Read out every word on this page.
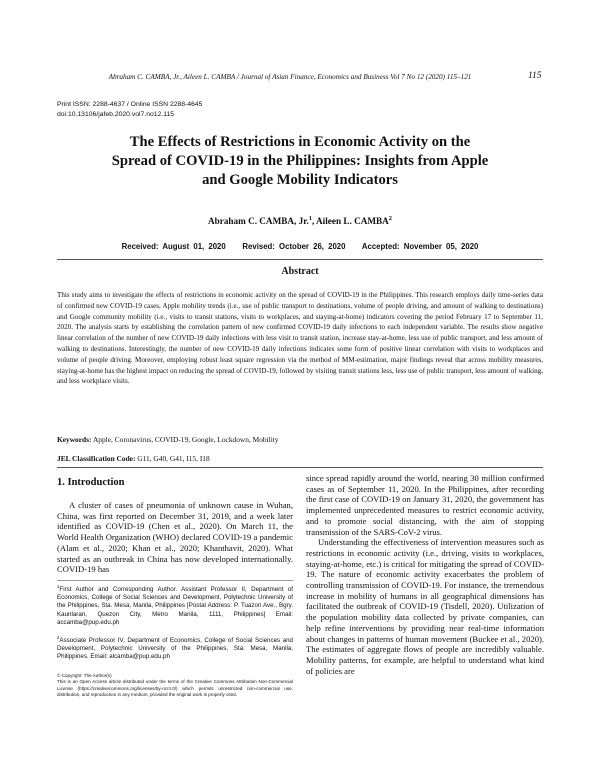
Abraham C. CAMBA, Jr., Aileen L. CAMBA / Journal of Asian Finance, Economics and Business Vol 7 No 12 (2020) 115–121	115
Print ISSN: 2288-4637 / Online ISSN 2288-4645
doi:10.13106/jafeb.2020.vol7.no12.115
The Effects of Restrictions in Economic Activity on the
Spread of COVID-19 in the Philippines: Insights from Apple
and Google Mobility Indicators
Abraham C. CAMBA, Jr.$^1$, Aileen L. CAMBA$^2$
Received: August 01, 2020 Revised: October 26, 2020 Accepted: November 05, 2020
Abstract
This study aims to investigate the effects of restrictions in economic activity on the spread of COVID-19 in the Philippines. This research employs daily time-series data of confirmed new COVID-19 cases, Apple mobility trends (i.e., use of public transport to destinations, volume of people driving, and amount of walking to destinations) and Google community mobility (i.e., visits to transit stations, visits to workplaces, and staying-at-home) indicators covering the period February 17 to September 11, 2020. The analysis starts by establishing the correlation pattern of new confirmed COVID-19 daily infections to each independent variable. The results show negative linear correlation of the number of new COVID-19 daily infections with less visit to transit station, increase stay-at-home, less use of public transport, and less amount of walking to destinations. Interestingly, the number of new COVID-19 daily infections indicates some form of positive linear correlation with visits to workplaces and volume of people driving. Moreover, employing robust least square regression via the method of MM-estimation, major findings reveal that across mobility measures, staying-at-home has the highest impact on reducing the spread of COVID-19, followed by visiting transit stations less, less use of public transport, less amount of walking, and less workplace visits.
Keywords: Apple, Coronavirus, COVID-19, Google, Lockdown, Mobility
JEL Classification Code: G11, G40, G41, I15, I18
1. Introduction

A cluster of cases of pneumonia of unknown cause in Wuhan, China, was first reported on December 31, 2019, and a week later identified as COVID-19 (Chen et al., 2020). On March 11, the World Health Organization (WHO) declared COVID-19 a pandemic (Alam et al., 2020; Khan et al., 2020; Khanthavit, 2020). What started as an outbreak in China has now developed internationally. COVID-19 has

$^1$First Author and Corresponding Author. Assistant Professor II, Department of Economics, College of Social Sciences and Development, Polytechnic University of the Philippines, Sta. Mesa, Manila, Philippines [Postal Address: P. Tuazon Ave., Bgry. Kaunlaran, Quezon City, Metro Manila, 1111, Philippines] Email: accamba@pup.edu.ph
$^2$Associate Professor IV, Department of Economics, College of Social Sciences and Development, Polytechnic University of the Philippines, Sta. Mesa, Manila, Philippines. Email: alcamba@pup.edu.ph
© Copyright: The Author(s)
This is an Open Access article distributed under the terms of the Creative Commons Attribution Non-Commercial License (https://creativecommons.org/licenses/by-nc/4.0/) which permits unrestricted non-commercial use, distribution, and reproduction in any medium, provided the original work is properly cited.

since spread rapidly around the world, nearing 30 million confirmed cases as of September 11, 2020. In the Philippines, after recording the first case of COVID-19 on January 31, 2020, the government has implemented unprecedented measures to restrict economic activity, and to promote social distancing, with the aim of stopping transmission of the SARS-CoV-2 virus.

Understanding the effectiveness of intervention measures such as restrictions in economic activity (i.e., driving, visits to workplaces, staying-at-home, etc.) is critical for mitigating the spread of COVID-19. The nature of economic activity exacerbates the problem of controlling transmission of COVID-19. For instance, the tremendous increase in mobility of humans in all geographical dimensions has facilitated the outbreak of COVID-19 (Tisdell, 2020). Utilization of the population mobility data collected by private companies, can help refine interventions by providing near real-time information about changes in patterns of human movement (Buckee et al., 2020). The estimates of aggregate flows of people are incredibly valuable. Mobility patterns, for example, are helpful to understand what kind of policies are
